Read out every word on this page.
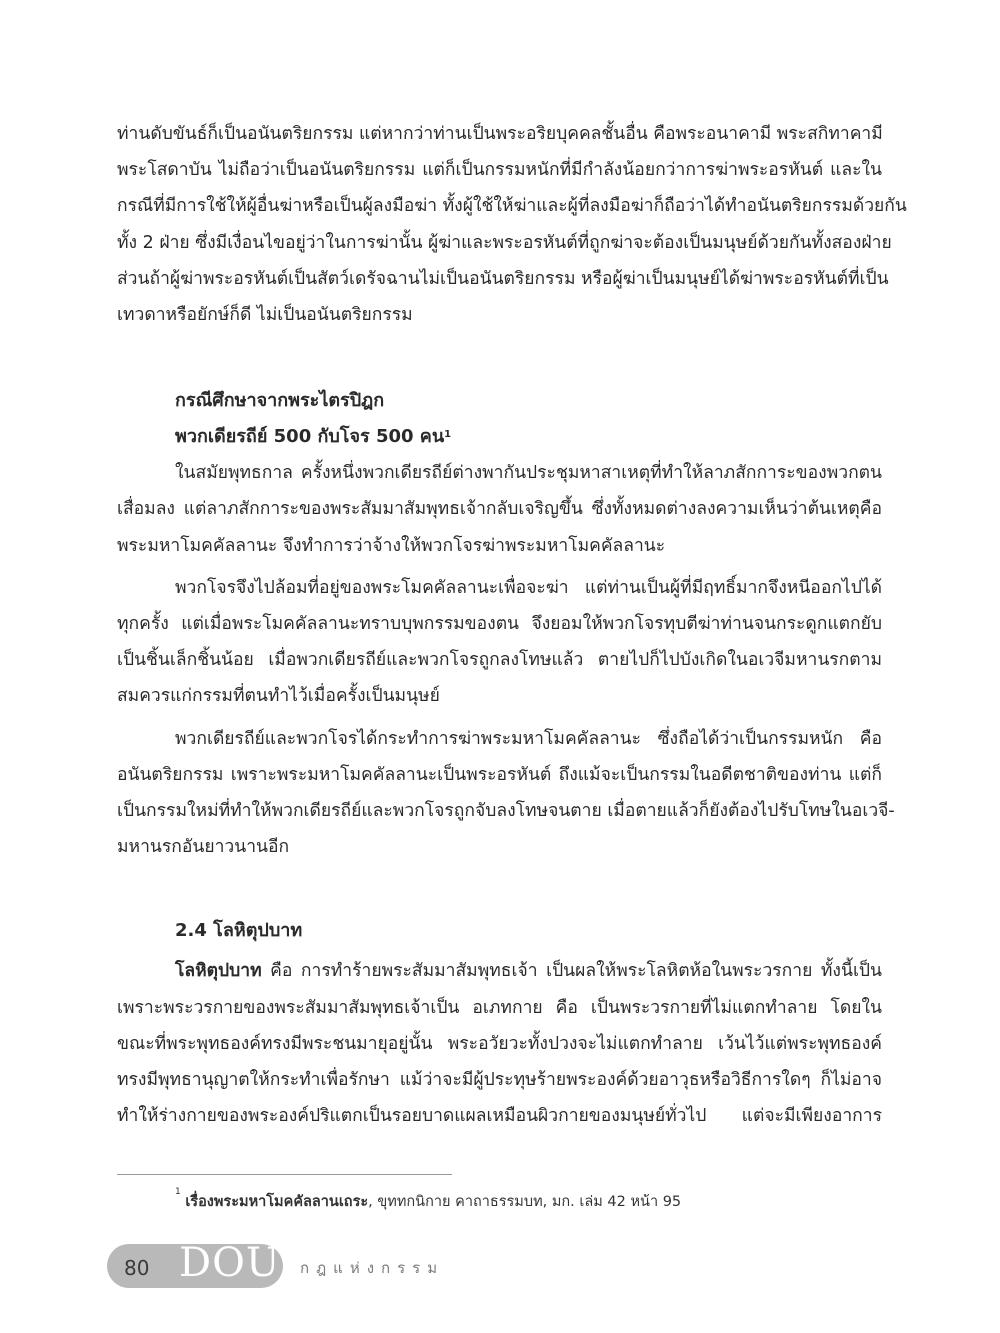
ท่านดับขันธ์ก็เป็นอนันตริยกรรม แต่หากว่าท่านเป็นพระอริยบุคคลชั้นอื่น คือพระอนาคามี พระสกิทาคามี
พระโสดาบัน ไม่ถือว่าเป็นอนันตริยกรรม แต่ก็เป็นกรรมหนักที่มีกำลังน้อยกว่าการฆ่าพระอรหันต์ และใน
กรณีที่มีการใช้ให้ผู้อื่นฆ่าหรือเป็นผู้ลงมือฆ่า ทั้งผู้ใช้ให้ฆ่าและผู้ที่ลงมือฆ่าก็ถือว่าได้ทำอนันตริยกรรมด้วยกัน
ทั้ง 2 ฝ่าย ซึ่งมีเงื่อนไขอยู่ว่าในการฆ่านั้น ผู้ฆ่าและพระอรหันต์ที่ถูกฆ่าจะต้องเป็นมนุษย์ด้วยกันทั้งสองฝ่าย
ส่วนถ้าผู้ฆ่าพระอรหันต์เป็นสัตว์เดรัจฉานไม่เป็นอนันตริยกรรม หรือผู้ฆ่าเป็นมนุษย์ได้ฆ่าพระอรหันต์ที่เป็น
เทวดาหรือยักษ์ก็ดี ไม่เป็นอนันตริยกรรม

กรณีศึกษาจากพระไตรปิฎก
พวกเดียรถีย์ 500 กับโจร 500 คน$^1$

ในสมัยพุทธกาล ครั้งหนึ่งพวกเดียรถีย์ต่างพากันประชุมหาสาเหตุที่ทำให้ลาภสักการะของพวกตน
เสื่อมลง แต่ลาภสักการะของพระสัมมาสัมพุทธเจ้ากลับเจริญขึ้น ซึ่งทั้งหมดต่างลงความเห็นว่าต้นเหตุคือ
พระมหาโมคคัลลานะ จึงทำการว่าจ้างให้พวกโจรฆ่าพระมหาโมคคัลลานะ

พวกโจรจึงไปล้อมที่อยู่ของพระโมคคัลลานะเพื่อจะฆ่า แต่ท่านเป็นผู้ที่มีฤทธิ์มากจึงหนีออกไปได้
ทุกครั้ง แต่เมื่อพระโมคคัลลานะทราบบุพกรรมของตน จึงยอมให้พวกโจรทุบตีฆ่าท่านจนกระดูกแตกยับ
เป็นชิ้นเล็กชิ้นน้อย เมื่อพวกเดียรถีย์และพวกโจรถูกลงโทษแล้ว ตายไปก็ไปบังเกิดในอเวจีมหานรกตาม
สมควรแก่กรรมที่ตนทำไว้เมื่อครั้งเป็นมนุษย์

พวกเดียรถีย์และพวกโจรได้กระทำการฆ่าพระมหาโมคคัลลานะ ซึ่งถือได้ว่าเป็นกรรมหนัก คือ
อนันตริยกรรม เพราะพระมหาโมคคัลลานะเป็นพระอรหันต์ ถึงแม้จะเป็นกรรมในอดีตชาติของท่าน แต่ก็
เป็นกรรมใหม่ที่ทำให้พวกเดียรถีย์และพวกโจรถูกจับลงโทษจนตาย เมื่อตายแล้วก็ยังต้องไปรับโทษในอเวจี-
มหานรกอันยาวนานอีก

2.4 โลหิตุปบาท

โลหิตุปบาท คือ การทำร้ายพระสัมมาสัมพุทธเจ้า เป็นผลให้พระโลหิตห้อในพระวรกาย ทั้งนี้เป็น
เพราะพระวรกายของพระสัมมาสัมพุทธเจ้าเป็น อเภทกาย คือ เป็นพระวรกายที่ไม่แตกทำลาย โดยใน
ขณะที่พระพุทธองค์ทรงมีพระชนมายุอยู่นั้น พระอวัยวะทั้งปวงจะไม่แตกทำลาย เว้นไว้แต่พระพุทธองค์
ทรงมีพุทธานุญาตให้กระทำเพื่อรักษา แม้ว่าจะมีผู้ประทุษร้ายพระองค์ด้วยอาวุธหรือวิธีการใดๆ ก็ไม่อาจ
ทำให้ร่างกายของพระองค์ปริแตกเป็นรอยบาดแผลเหมือนผิวกายของมนุษย์ทั่วไป แต่จะมีเพียงอาการ

$^1$ เรื่องพระมหาโมคคัลลานเถระ, ขุททกนิกาย คาถาธรรมบท, มก. เล่ม 42 หน้า 95
80 DOU กฎแห่งกรรม
